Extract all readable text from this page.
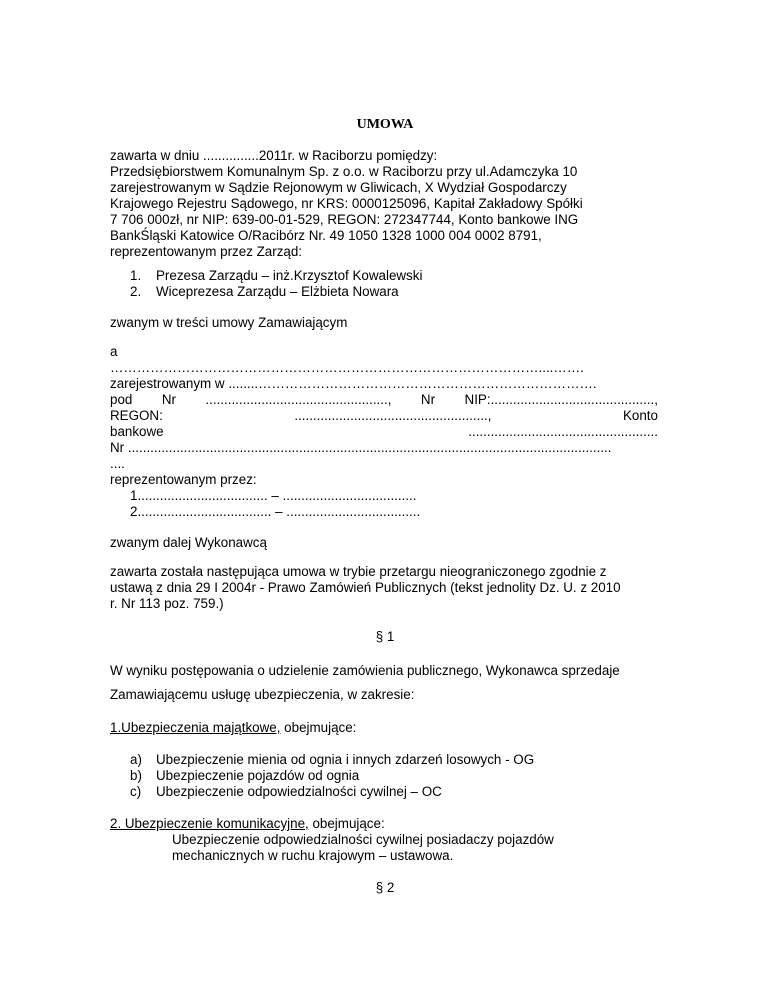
UMOWA
zawarta w dniu ...............2011r. w Raciborzu pomiędzy:
Przedsiębiorstwem Komunalnym Sp. z o.o. w Raciborzu przy ul.Adamczyka 10
zarejestrowanym w Sądzie Rejonowym w Gliwicach, X Wydział Gospodarczy
Krajowego Rejestru Sądowego, nr KRS: 0000125096, Kapitał Zakładowy Spółki
7 706 000zł, nr NIP: 639-00-01-529, REGON: 272347744, Konto bankowe ING
BankŚląski Katowice O/Racibórz Nr. 49 1050 1328 1000 004 0002 8791,
reprezentowanym przez Zarząd:
1. Prezesa Zarządu – inż.Krzysztof Kowalewski
2. Wiceprezesa Zarządu – Elżbieta Nowara
zwanym w treści umowy Zamawiającym
a
……………………………………………………………………………………....…….
zarejestrowanym w ........………………………………………………………………….
pod Nr ................................................., Nr NIP:............................................,
REGON:	....................................................,	Konto
bankowe	...................................................
Nr ..................................................................................................................................
....
reprezentowanym przez:
1................................... – ....................................
2.................................... – ....................................
zwanym dalej Wykonawcą
zawarta została następująca umowa w trybie przetargu nieograniczonego zgodnie z
ustawą z dnia 29 I 2004r - Prawo Zamówień Publicznych (tekst jednolity Dz. U. z 2010
r. Nr 113 poz. 759.)
§ 1
W wyniku postępowania o udzielenie zamówienia publicznego, Wykonawca sprzedaje
Zamawiającemu usługę ubezpieczenia, w zakresie:
1.Ubezpieczenia majątkowe, obejmujące:
a) Ubezpieczenie mienia od ognia i innych zdarzeń losowych - OG
b) Ubezpieczenie pojazdów od ognia
c) Ubezpieczenie odpowiedzialności cywilnej – OC
2. Ubezpieczenie komunikacyjne, obejmujące:
Ubezpieczenie odpowiedzialności cywilnej posiadaczy pojazdów
mechanicznych w ruchu krajowym – ustawowa.
§ 2
